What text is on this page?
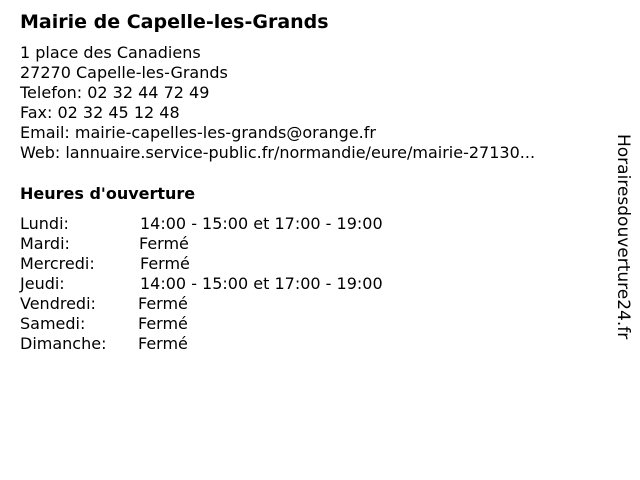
Mairie de Capelle-les-Grands
1 place des Canadiens
27270 Capelle-les-Grands
Telefon: 02 32 44 72 49
Fax: 02 32 45 12 48
Email: mairie-capelles-les-grands@orange.fr
Web: lannuaire.service-public.fr/normandie/eure/mairie-27130...
Heures d'ouverture
Lundi:	14:00 - 15:00 et 17:00 - 19:00
Mardi:	Fermé
Mercredi:	Fermé
Jeudi:	14:00 - 15:00 et 17:00 - 19:00
Vendredi:	Fermé
Samedi:	Fermé
Dimanche: Fermé
Horairesdouverture24.fr
